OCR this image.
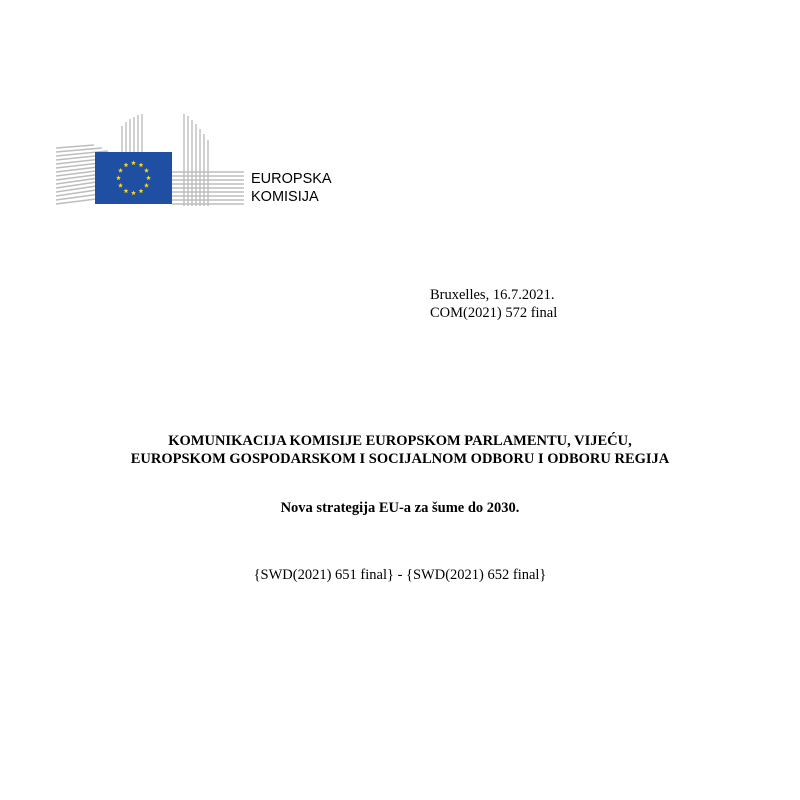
EUROPSKA
KOMISIJA
Bruxelles, 16.7.2021.
COM(2021) 572 final
KOMUNIKACIJA KOMISIJE EUROPSKOM PARLAMENTU, VIJEĆU,
EUROPSKOM GOSPODARSKOM I SOCIJALNOM ODBORU I ODBORU REGIJA
Nova strategija EU-a za šume do 2030.
{SWD(2021) 651 final} - {SWD(2021) 652 final}
